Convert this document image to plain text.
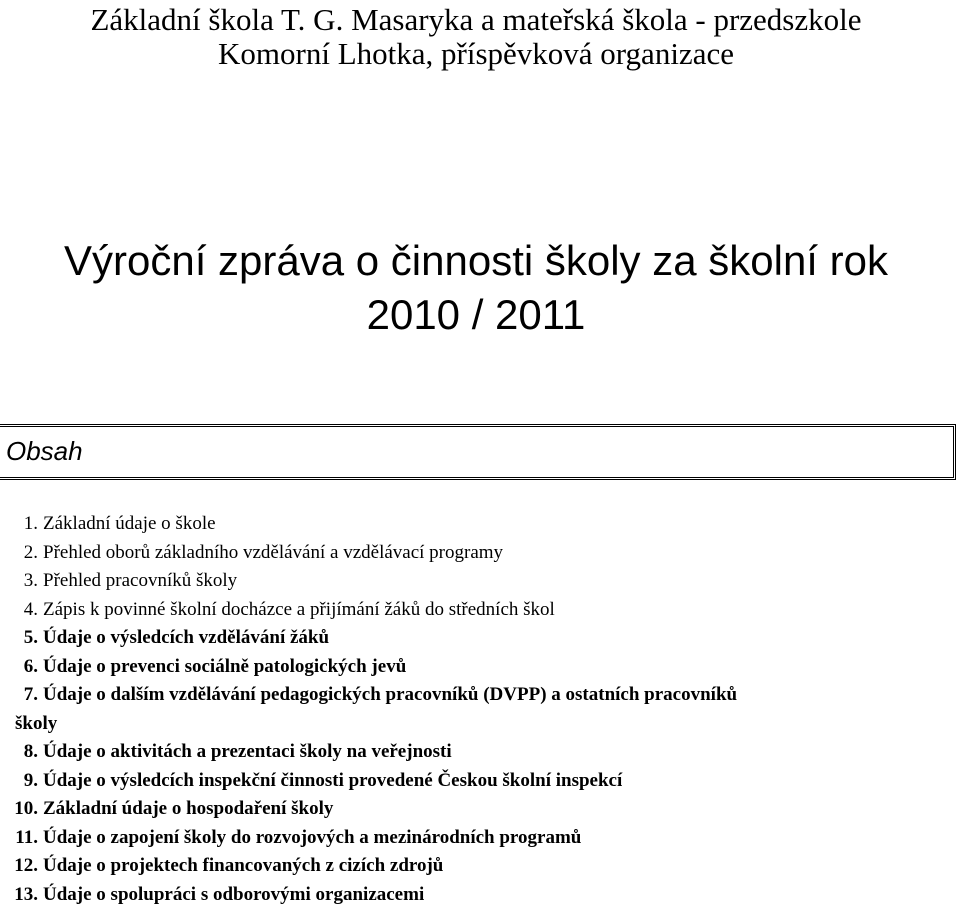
Základní škola T. G. Masaryka a mateřská škola - przedszkole
Komorní Lhotka, příspěvková organizace
Výroční zpráva o činnosti školy za školní rok
2010 / 2011
Obsah
1. Základní údaje o škole
2. Přehled oborů základního vzdělávání a vzdělávací programy
3. Přehled pracovníků školy
4. Zápis k povinné školní docházce a přijímání žáků do středních škol
5. Údaje o výsledcích vzdělávání žáků
6. Údaje o prevenci sociálně patologických jevů
7. Údaje o dalším vzdělávání pedagogických pracovníků (DVPP) a ostatních pracovníků
školy
8. Údaje o aktivitách a prezentaci školy na veřejnosti
9. Údaje o výsledcích inspekční činnosti provedené Českou školní inspekcí
10. Základní údaje o hospodaření školy
11. Údaje o zapojení školy do rozvojových a mezinárodních programů
12. Údaje o projektech financovaných z cizích zdrojů
13. Údaje o spolupráci s odborovými organizacemi
